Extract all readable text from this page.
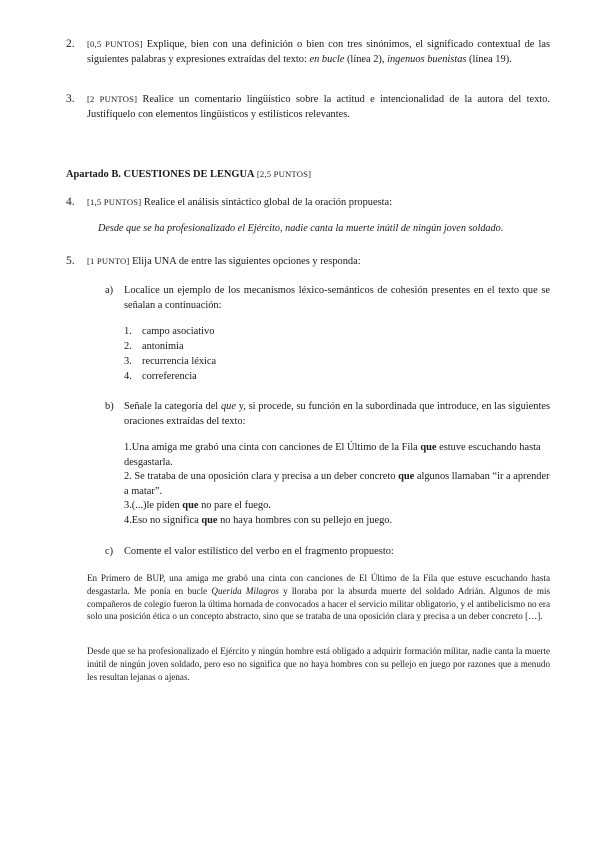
2. [0,5 PUNTOS] Explique, bien con una definición o bien con tres sinónimos, el significado contextual de las siguientes palabras y expresiones extraídas del texto: en bucle (línea 2), ingenuos buenistas (línea 19).
3. [2 PUNTOS] Realice un comentario lingüístico sobre la actitud e intencionalidad de la autora del texto. Justifíquelo con elementos lingüísticos y estilísticos relevantes.
Apartado B. CUESTIONES DE LENGUA [2,5 PUNTOS]
4. [1,5 PUNTOS] Realice el análisis sintáctico global de la oración propuesta:
Desde que se ha profesionalizado el Ejército, nadie canta la muerte inútil de ningún joven soldado.
5. [1 PUNTO] Elija UNA de entre las siguientes opciones y responda:
a) Localice un ejemplo de los mecanismos léxico-semánticos de cohesión presentes en el texto que se señalan a continuación:
1. campo asociativo
2. antonimia
3. recurrencia léxica
4. correferencia
b) Señale la categoría del que y, si procede, su función en la subordinada que introduce, en las siguientes oraciones extraídas del texto:
1.Una amiga me grabó una cinta con canciones de El Último de la Fila que estuve escuchando hasta desgastarla.
2. Se trataba de una oposición clara y precisa a un deber concreto que algunos llamaban “ir a aprender a matar”.
3.(...)le piden que no pare el fuego.
4.Eso no significa que no haya hombres con su pellejo en juego.
c) Comente el valor estilístico del verbo en el fragmento propuesto:
En Primero de BUP, una amiga me grabó una cinta con canciones de El Último de la Fila que estuve escuchando hasta desgastarla. Me ponía en bucle Querida Milagros y lloraba por la absurda muerte del soldado Adrián. Algunos de mis compañeros de colegio fueron la última hornada de convocados a hacer el servicio militar obligatorio, y el antibelicismo no era solo una posición ética o un concepto abstracto, sino que se trataba de una oposición clara y precisa a un deber concreto […].
Desde que se ha profesionalizado el Ejército y ningún hombre está obligado a adquirir formación militar, nadie canta la muerte inútil de ningún joven soldado, pero eso no significa que no haya hombres con su pellejo en juego por razones que a menudo les resultan lejanas o ajenas.
